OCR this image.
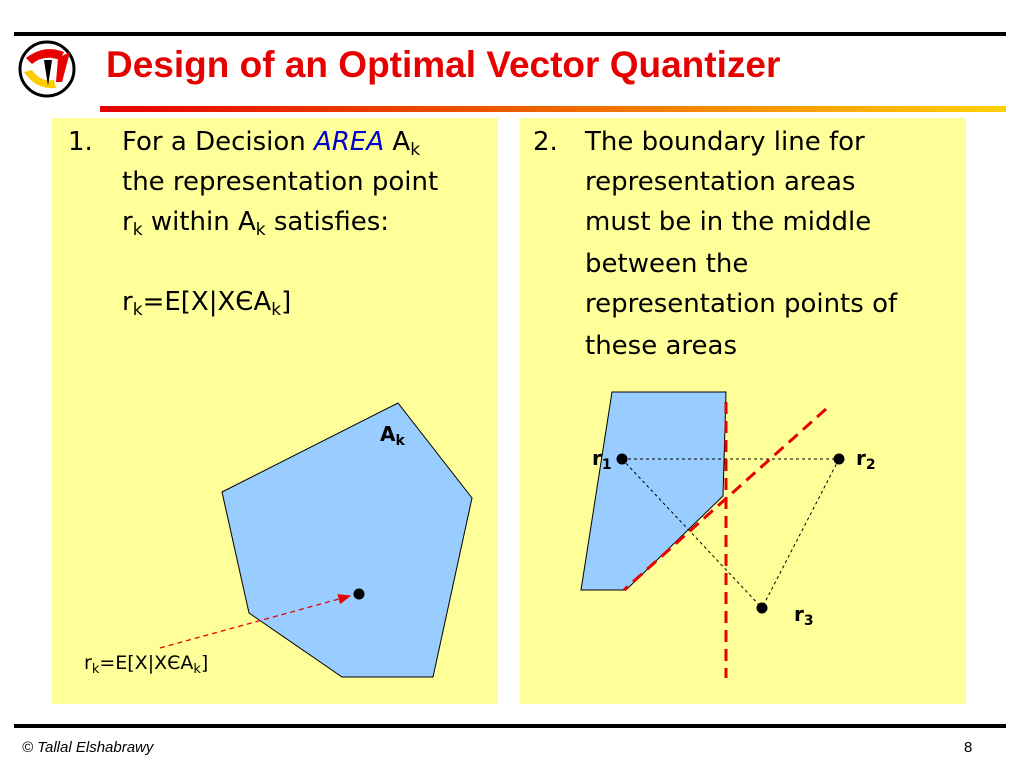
Design of an Optimal Vector Quantizer
1. For a Decision AREA $A_k$
the representation point
$r_k$ within $A_k$ satisfies:
$r_k=E[X|XЄA_k]$
2. The boundary line for
representation areas
must be in the middle
between the
representation points of
these areas
$A_k$
$r_k=E[X|XЄA_k]$
$r_1$	$r_2$
$r_3$
© Tallal Elshabrawy	8
